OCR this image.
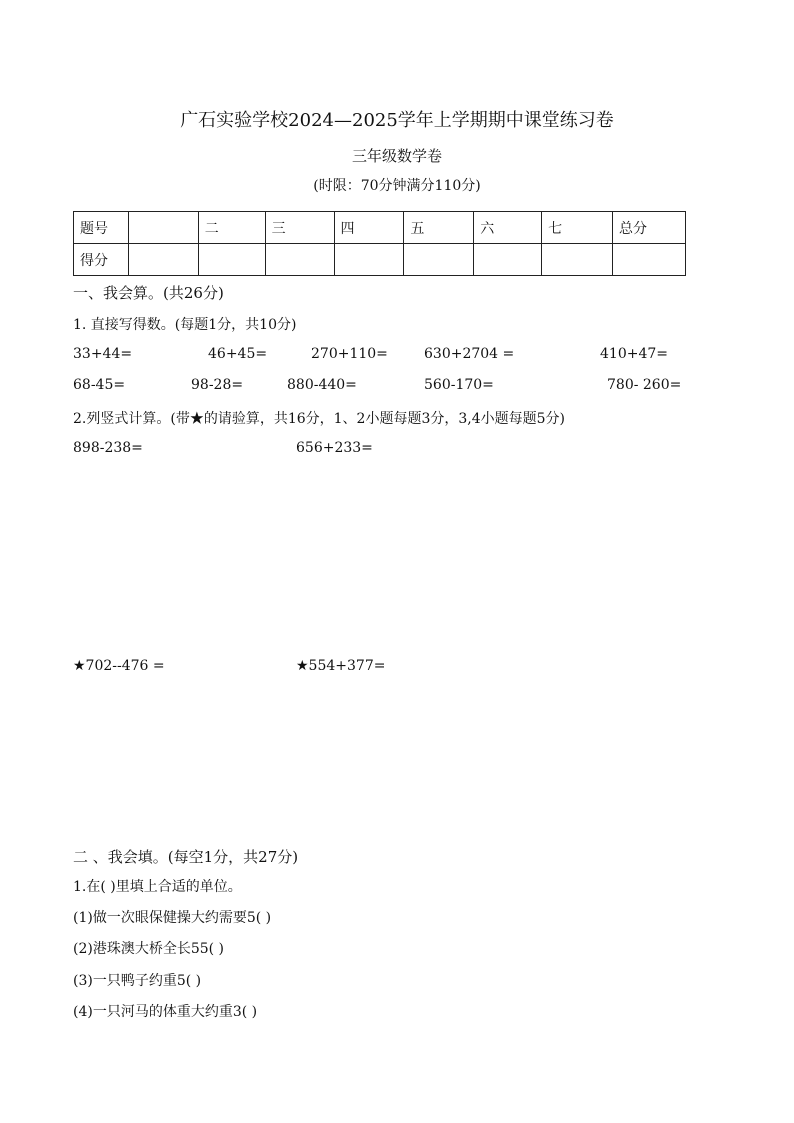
广石实验学校2024—2025学年上学期期中课堂练习卷
三年级数学卷
(时限：70分钟满分110分)
题号		二	三	四	五	六	七	总分
得分								
一、我会算。(共26分)
1. 直接写得数。(每题1分，共10分)
33+44=	46+45=	270+110=	630+2704 =	410+47=
68-45=	98-28=	880-440=	560-170=	780- 260=
2.列竖式计算。(带★的请验算，共16分，1、2小题每题3分，3,4小题每题5分)
898-238=	656+233=
★702--476 =	★554+377=
二 、我会填。(每空1分，共27分)
1.在( )里填上合适的单位。
(1)做一次眼保健操大约需要5( )
(2)港珠澳大桥全长55( )
(3)一只鸭子约重5( )
(4)一只河马的体重大约重3( )
